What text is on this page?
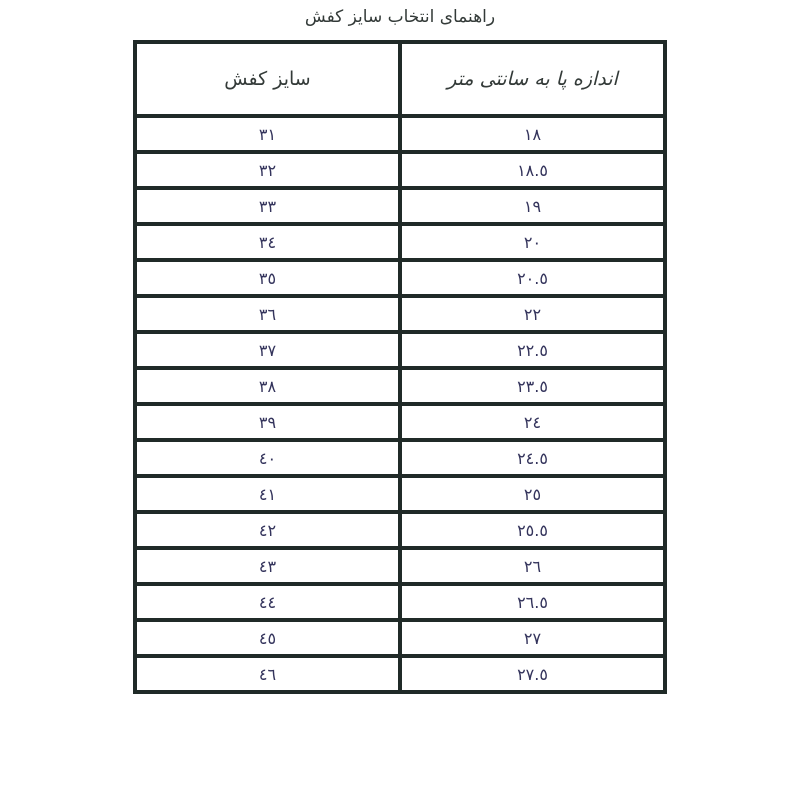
راهنمای انتخاب سایز کفش
اندازه پا به سانتی متر	سایز کفش
١٨	٣١
١٨.٥	٣٢
١٩	٣٣
٢٠	٣٤
٢٠.٥	٣٥
٢٢	٣٦
٢٢.٥	٣٧
٢٣.٥	٣٨
٢٤	٣٩
٢٤.٥	٤٠
٢٥	٤١
٢٥.٥	٤٢
٢٦	٤٣
٢٦.٥	٤٤
٢٧	٤٥
٢٧.٥	٤٦
